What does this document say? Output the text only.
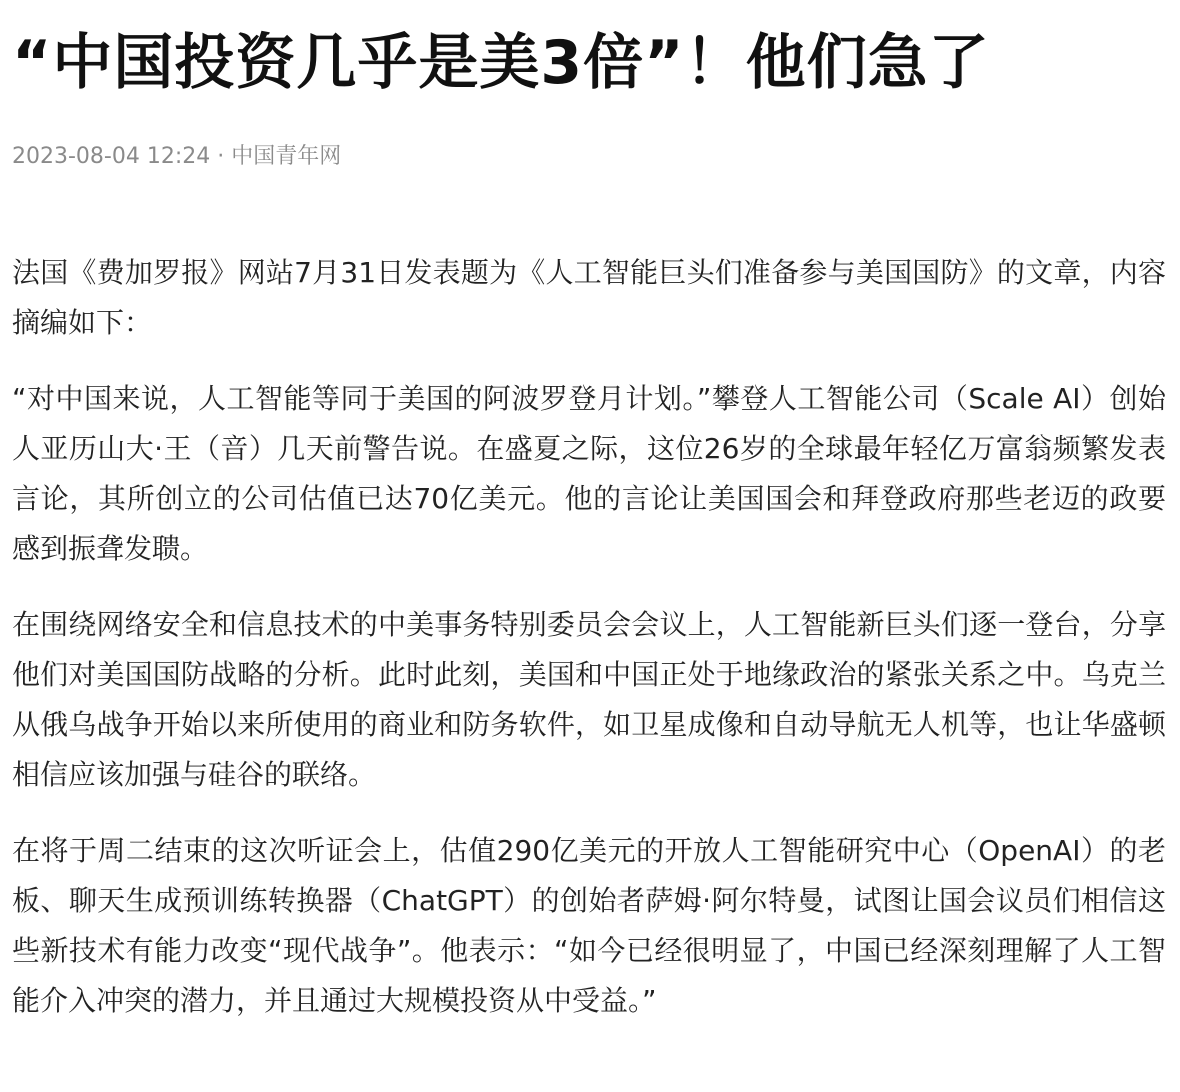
“中国投资几乎是美3倍”！他们急了
2023-08-04 12:24 · 中国青年网

法国《费加罗报》网站7月31日发表题为《人工智能巨头们准备参与美国国防》的文章，内容摘编如下：

“对中国来说，人工智能等同于美国的阿波罗登月计划。”攀登人工智能公司（Scale AI）创始人亚历山大·王（音）几天前警告说。在盛夏之际，这位26岁的全球最年轻亿万富翁频繁发表言论，其所创立的公司估值已达70亿美元。他的言论让美国国会和拜登政府那些老迈的政要感到振聋发聩。

在围绕网络安全和信息技术的中美事务特别委员会会议上，人工智能新巨头们逐一登台，分享他们对美国国防战略的分析。此时此刻，美国和中国正处于地缘政治的紧张关系之中。乌克兰从俄乌战争开始以来所使用的商业和防务软件，如卫星成像和自动导航无人机等，也让华盛顿相信应该加强与硅谷的联络。

在将于周二结束的这次听证会上，估值290亿美元的开放人工智能研究中心（OpenAI）的老板、聊天生成预训练转换器（ChatGPT）的创始者萨姆·阿尔特曼，试图让国会议员们相信这些新技术有能力改变“现代战争”。他表示：“如今已经很明显了，中国已经深刻理解了人工智能介入冲突的潜力，并且通过大规模投资从中受益。”
